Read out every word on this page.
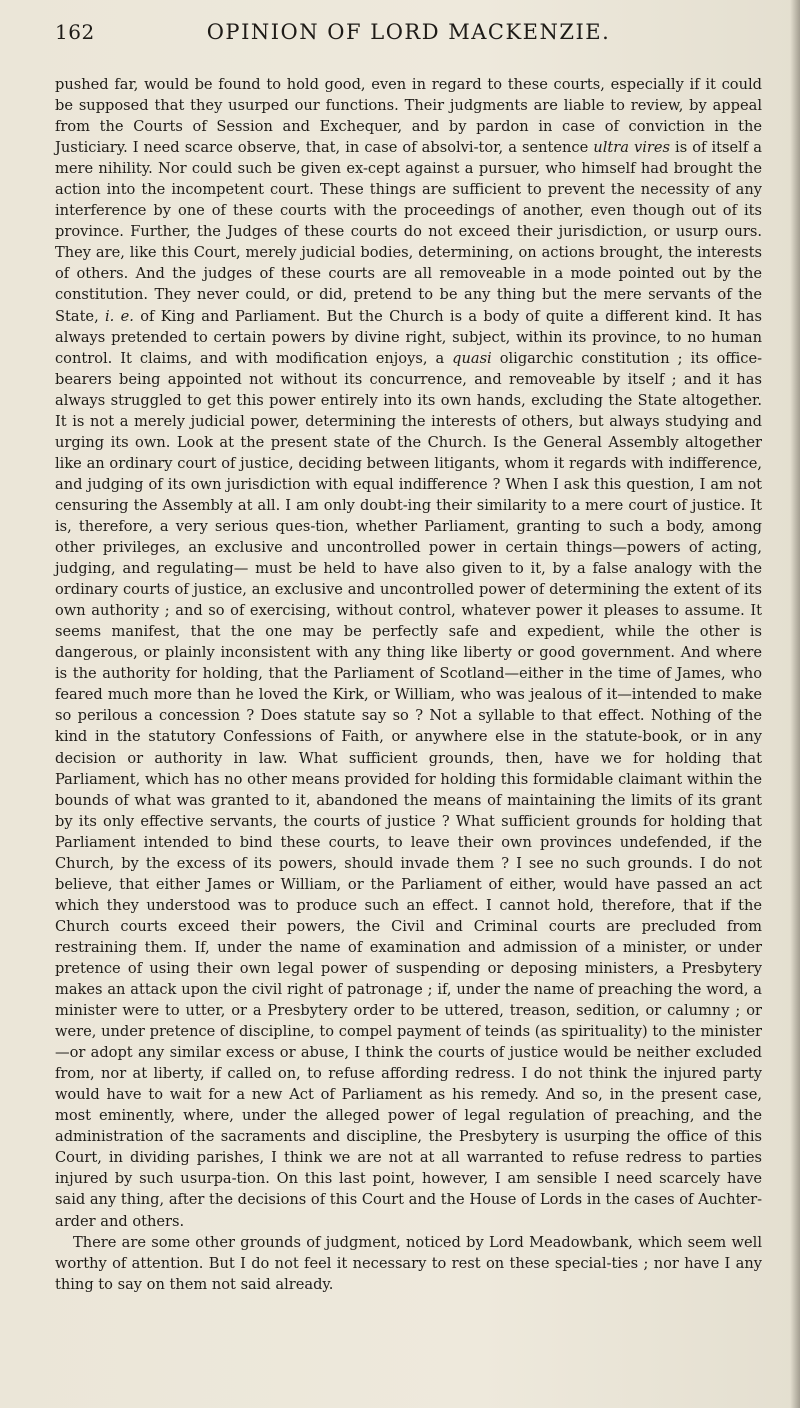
162	OPINION OF LORD MACKENZIE.

pushed far, would be found to hold good, even in regard to these courts, especially if it could be supposed that they usurped our functions. Their judgments are liable to review, by appeal from the Courts of Session and Exchequer, and by pardon in case of conviction in the Justiciary. I need scarce observe, that, in case of absolvi-tor, a sentence ultra vires is of itself a mere nihility. Nor could such be given ex-cept against a pursuer, who himself had brought the action into the incompetent court. These things are sufficient to prevent the necessity of any interference by one of these courts with the proceedings of another, even though out of its province. Further, the Judges of these courts do not exceed their jurisdiction, or usurp ours. They are, like this Court, merely judicial bodies, determining, on actions brought, the interests of others. And the judges of these courts are all removeable in a mode pointed out by the constitution. They never could, or did, pretend to be any thing but the mere servants of the State, i. e. of King and Parliament. But the Church is a body of quite a different kind. It has always pretended to certain powers by divine right, subject, within its province, to no human control. It claims, and with modification enjoys, a quasi oligarchic constitution ; its office-bearers being appointed not without its concurrence, and removeable by itself ; and it has always struggled to get this power entirely into its own hands, excluding the State altogether. It is not a merely judicial power, determining the interests of others, but always studying and urging its own. Look at the present state of the Church. Is the General Assembly altogether like an ordinary court of justice, deciding between litigants, whom it regards with indifference, and judging of its own jurisdiction with equal indifference ? When I ask this question, I am not censuring the Assembly at all. I am only doubt-ing their similarity to a mere court of justice. It is, therefore, a very serious ques-tion, whether Parliament, granting to such a body, among other privileges, an exclusive and uncontrolled power in certain things—powers of acting, judging, and regulating— must be held to have also given to it, by a false analogy with the ordinary courts of justice, an exclusive and uncontrolled power of determining the extent of its own authority ; and so of exercising, without control, whatever power it pleases to assume. It seems manifest, that the one may be perfectly safe and expedient, while the other is dangerous, or plainly inconsistent with any thing like liberty or good government. And where is the authority for holding, that the Parliament of Scotland—either in the time of James, who feared much more than he loved the Kirk, or William, who was jealous of it—intended to make so perilous a concession ? Does statute say so ? Not a syllable to that effect. Nothing of the kind in the statutory Confessions of Faith, or anywhere else in the statute-book, or in any decision or authority in law. What sufficient grounds, then, have we for holding that Parliament, which has no other means provided for holding this formidable claimant within the bounds of what was granted to it, abandoned the means of maintaining the limits of its grant by its only effective servants, the courts of justice ? What sufficient grounds for holding that Parliament intended to bind these courts, to leave their own provinces undefended, if the Church, by the excess of its powers, should invade them ? I see no such grounds. I do not believe, that either James or William, or the Parliament of either, would have passed an act which they understood was to produce such an effect. I cannot hold, therefore, that if the Church courts exceed their powers, the Civil and Criminal courts are precluded from restraining them. If, under the name of examination and admission of a minister, or under pretence of using their own legal power of suspending or deposing ministers, a Presbytery makes an attack upon the civil right of patronage ; if, under the name of preaching the word, a minister were to utter, or a Presbytery order to be uttered, treason, sedition, or calumny ; or were, under pretence of discipline, to compel payment of teinds (as spirituality) to the minister—or adopt any similar excess or abuse, I think the courts of justice would be neither excluded from, nor at liberty, if called on, to refuse affording redress. I do not think the injured party would have to wait for a new Act of Parliament as his remedy. And so, in the present case, most eminently, where, under the alleged power of legal regulation of preaching, and the administration of the sacraments and discipline, the Presbytery is usurping the office of this Court, in dividing parishes, I think we are not at all warranted to refuse redress to parties injured by such usurpa-tion. On this last point, however, I am sensible I need scarcely have said any thing, after the decisions of this Court and the House of Lords in the cases of Auchter-arder and others.

There are some other grounds of judgment, noticed by Lord Meadowbank, which seem well worthy of attention. But I do not feel it necessary to rest on these special-ties ; nor have I any thing to say on them not said already.
